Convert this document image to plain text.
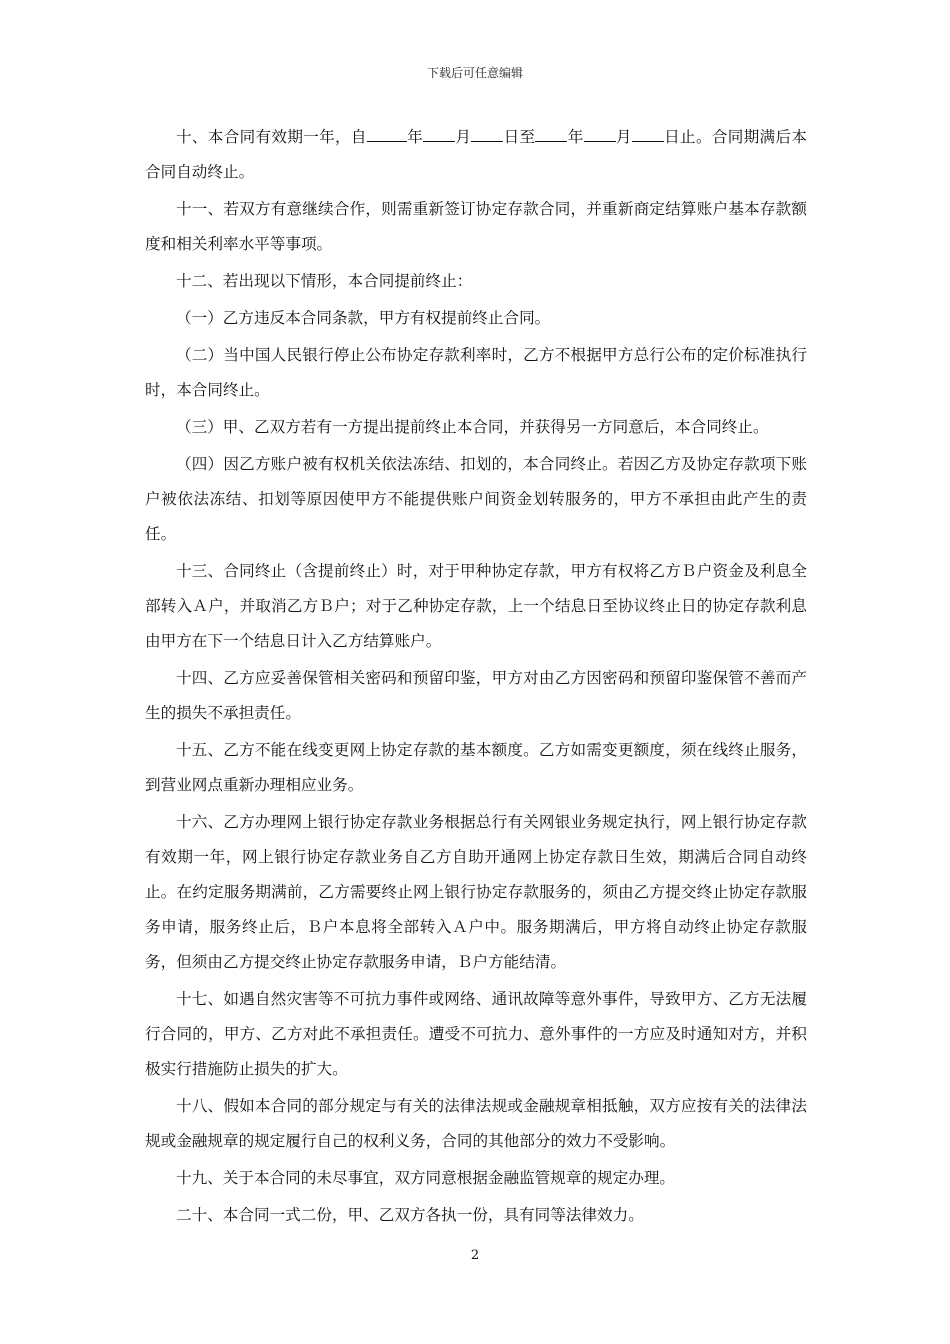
下载后可任意编辑

十、本合同有效期一年，自	年 月 日至 年 月 日止。合同期满后本合同自动终止。

十一、若双方有意继续合作，则需重新签订协定存款合同，并重新商定结算账户基本存款额度和相关利率水平等事项。

十二、若出现以下情形，本合同提前终止：

（一）乙方违反本合同条款，甲方有权提前终止合同。

（二）当中国人民银行停止公布协定存款利率时，乙方不根据甲方总行公布的定价标准执行时，本合同终止。

（三）甲、乙双方若有一方提出提前终止本合同，并获得另一方同意后，本合同终止。

（四）因乙方账户被有权机关依法冻结、扣划的，本合同终止。若因乙方及协定存款项下账户被依法冻结、扣划等原因使甲方不能提供账户间资金划转服务的，甲方不承担由此产生的责任。

十三、合同终止（含提前终止）时，对于甲种协定存款，甲方有权将乙方Ｂ户资金及利息全部转入Ａ户，并取消乙方Ｂ户；对于乙种协定存款，上一个结息日至协议终止日的协定存款利息由甲方在下一个结息日计入乙方结算账户。

十四、乙方应妥善保管相关密码和预留印鉴，甲方对由乙方因密码和预留印鉴保管不善而产生的损失不承担责任。

十五、乙方不能在线变更网上协定存款的基本额度。乙方如需变更额度，须在线终止服务，到营业网点重新办理相应业务。

十六、乙方办理网上银行协定存款业务根据总行有关网银业务规定执行，网上银行协定存款有效期一年，网上银行协定存款业务自乙方自助开通网上协定存款日生效，期满后合同自动终止。在约定服务期满前，乙方需要终止网上银行协定存款服务的，须由乙方提交终止协定存款服务申请，服务终止后，Ｂ户本息将全部转入Ａ户中。服务期满后，甲方将自动终止协定存款服务，但须由乙方提交终止协定存款服务申请，Ｂ户方能结清。

十七、如遇自然灾害等不可抗力事件或网络、通讯故障等意外事件，导致甲方、乙方无法履行合同的，甲方、乙方对此不承担责任。遭受不可抗力、意外事件的一方应及时通知对方，并积极实行措施防止损失的扩大。

十八、假如本合同的部分规定与有关的法律法规或金融规章相抵触，双方应按有关的法律法规或金融规章的规定履行自己的权利义务，合同的其他部分的效力不受影响。

十九、关于本合同的未尽事宜，双方同意根据金融监管规章的规定办理。

二十、本合同一式二份，甲、乙双方各执一份，具有同等法律效力。

2
